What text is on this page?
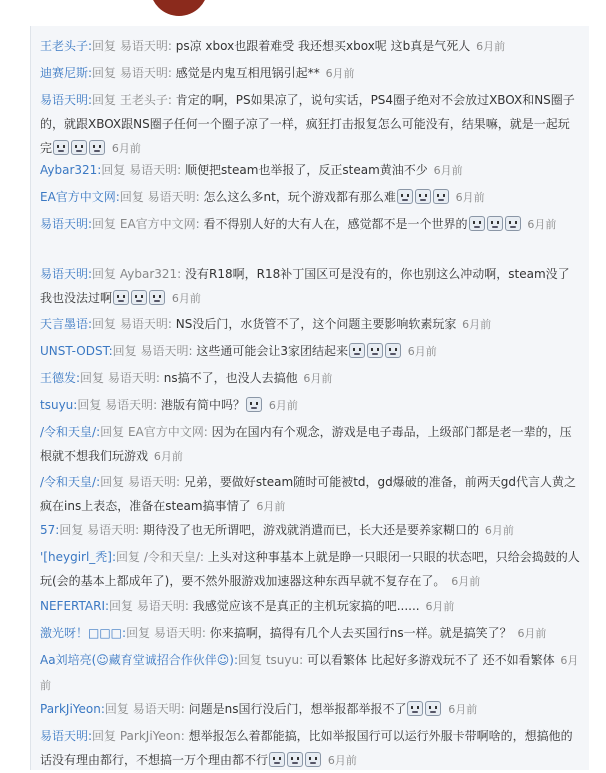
王老头子:回复 易语天明: ps凉 xbox也跟着难受 我还想买xbox呢 这b真是气死人 6月前
迪赛尼斯:回复 易语天明: 感觉是内鬼互相甩锅引起** 6月前
易语天明:回复 王老头子: 肯定的啊，PS如果凉了，说句实话，PS4圈子绝对不会放过XBOX和NS圈子的，就跟XBOX跟NS圈子任何一个圈子凉了一样，疯狂打击报复怎么可能没有，结果嘛，就是一起玩完	6月前
Aybar321:回复 易语天明: 顺便把steam也举报了，反正steam黄油不少 6月前
EA官方中文网:回复 易语天明: 怎么这么多nt，玩个游戏都有那么难	6月前
易语天明:回复 EA官方中文网: 看不得别人好的大有人在，感觉都不是一个世界的	6月前
易语天明:回复 Aybar321: 没有R18啊，R18补丁国区可是没有的，你也别这么冲动啊，steam没了我也没法过啊	6月前
天言墨语:回复 易语天明: NS没后门，水货管不了，这个问题主要影响软素玩家 6月前
UNST-ODST:回复 易语天明: 这些通可能会让3家团结起来	6月前
王德发:回复 易语天明: ns搞不了，也没人去搞他 6月前
tsuyu:回复 易语天明: 港版有简中吗？ 6月前
/令和天皇/:回复 EA官方中文网: 因为在国内有个观念，游戏是电子毒品，上级部门都是老一辈的，压根就不想我们玩游戏 6月前
/令和天皇/:回复 易语天明: 兄弟，要做好steam随时可能被td，gd爆破的准备，前两天gd代言人黄之疯在ins上表态，准备在steam搞事情了 6月前
57:回复 易语天明: 期待没了也无所谓吧，游戏就消遣而已，长大还是要养家糊口的 6月前
'[heygirl_秃]:回复 /令和天皇/: 上头对这种事基本上就是睁一只眼闭一只眼的状态吧，只给会捣鼓的人玩(会的基本上都成年了)，要不然外服游戏加速器这种东西早就不复存在了。 6月前
NEFERTARI:回复 易语天明: 我感觉应该不是真正的主机玩家搞的吧...... 6月前
激光呀！□□□:回复 易语天明: 你来搞啊，搞得有几个人去买国行ns一样。就是搞笑了？ 6月前
Aa刘培亮(☺藏育堂诚招合作伙伴☺):回复 tsuyu: 可以看繁体 比起好多游戏玩不了 还不如看繁体 6月前
ParkJiYeon:回复 易语天明: 问题是ns国行没后门，想举报都举报不了	6月前
易语天明:回复 ParkJiYeon: 想举报怎么着都能搞，比如举报国行可以运行外服卡带啊啥的，想搞他的话没有理由都行，不想搞一万个理由都不行	6月前
